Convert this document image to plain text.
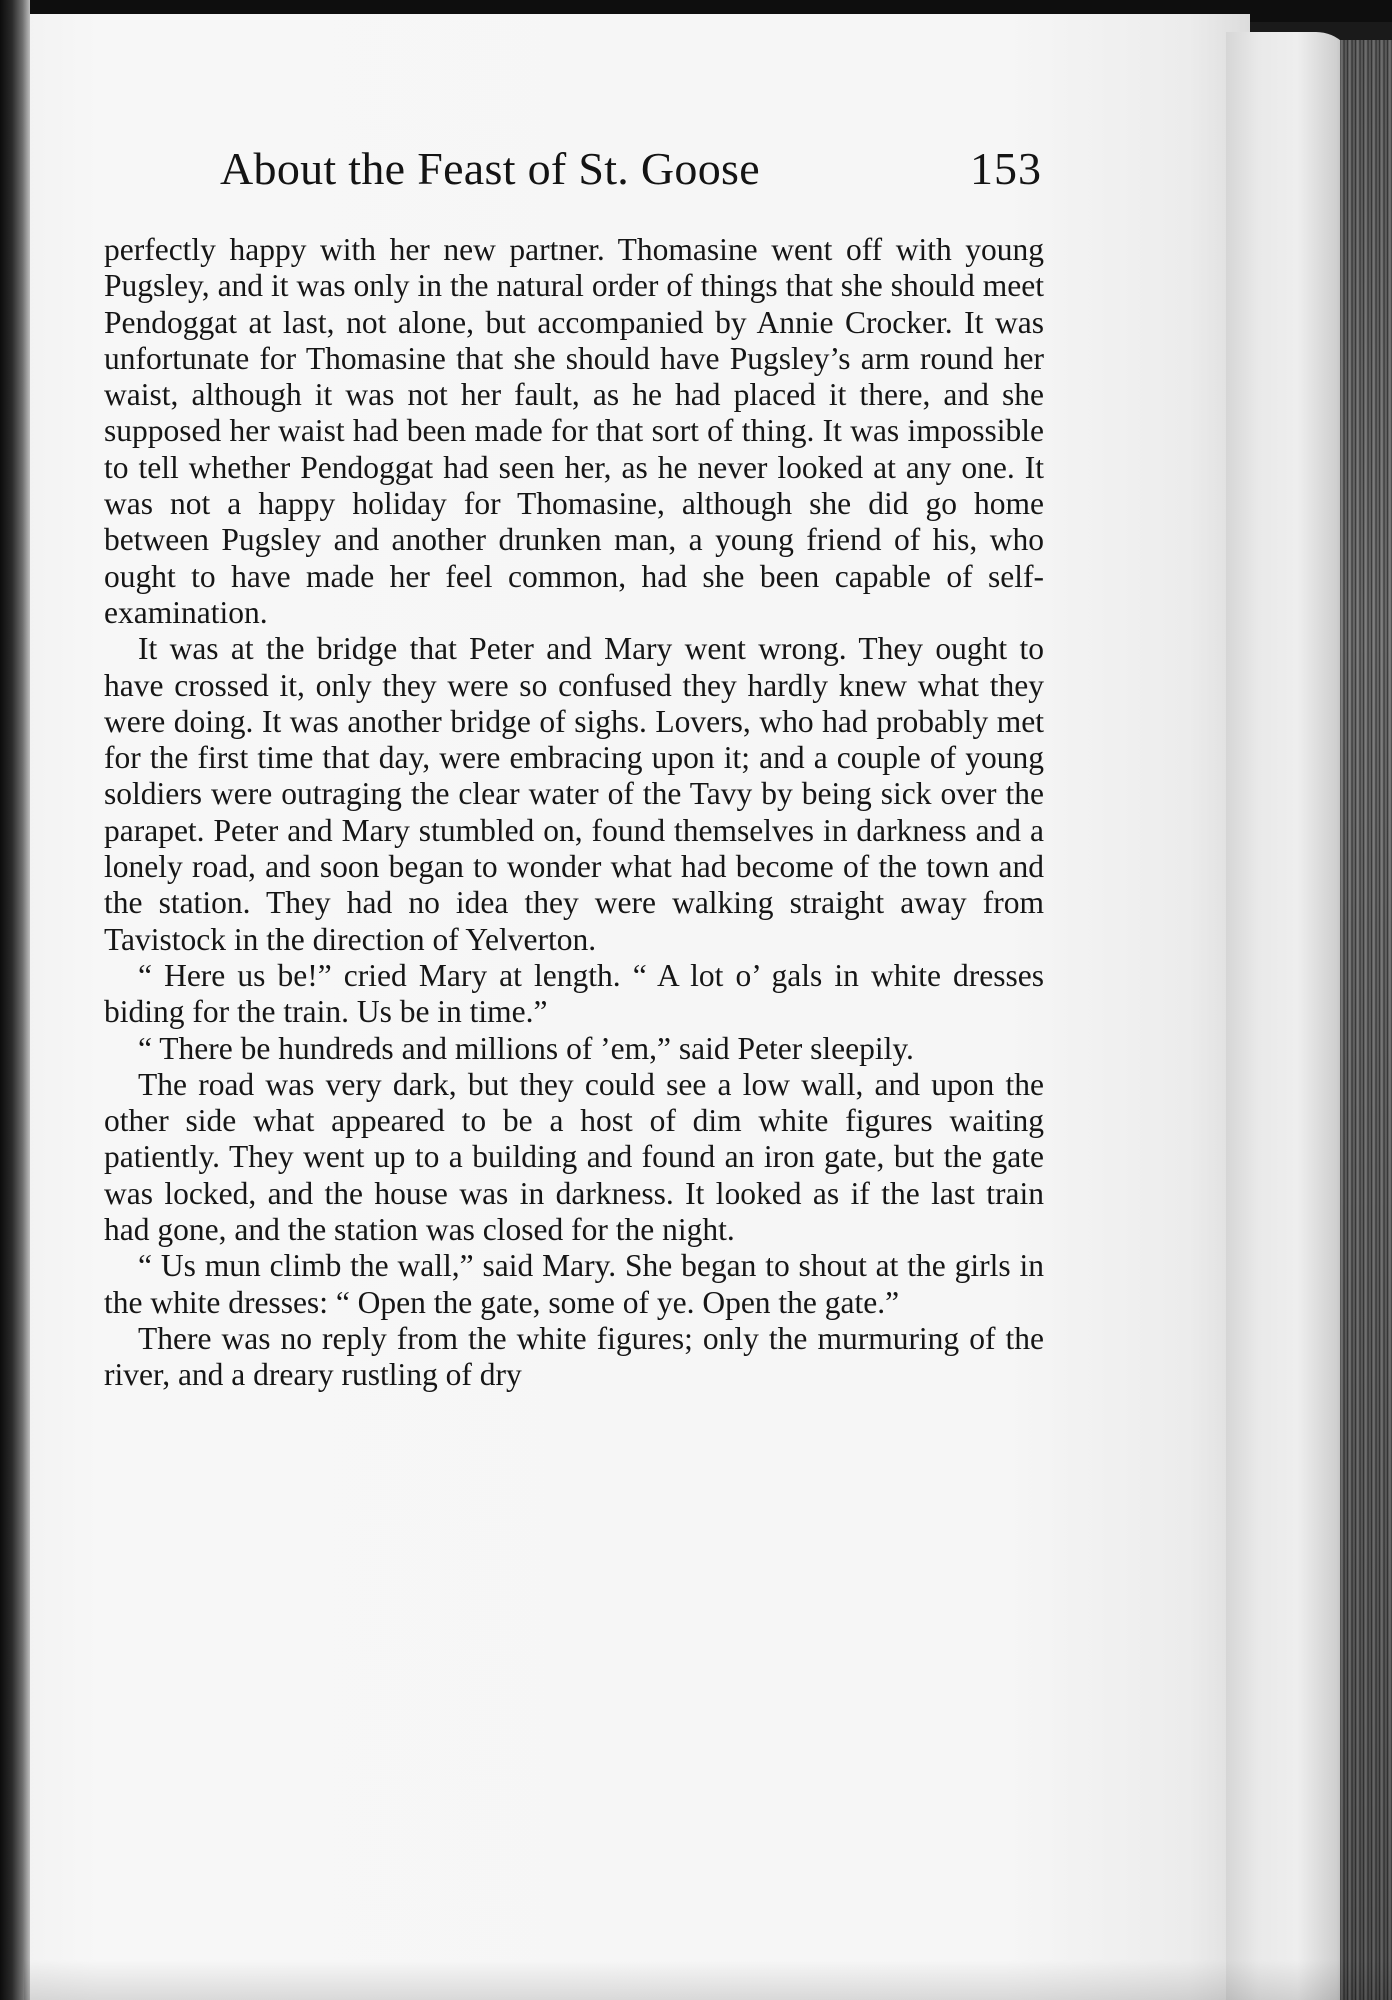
About the Feast of St. Goose	153

perfectly happy with her new partner. Thomasine went off with young Pugsley, and it was only in the natural order of things that she should meet Pendoggat at last, not alone, but accompanied by Annie Crocker. It was unfortunate for Thomasine that she should have Pugsley’s arm round her waist, although it was not her fault, as he had placed it there, and she supposed her waist had been made for that sort of thing. It was impossible to tell whether Pendoggat had seen her, as he never looked at any one. It was not a happy holiday for Thomasine, although she did go home between Pugsley and another drunken man, a young friend of his, who ought to have made her feel common, had she been capable of self-examination.

It was at the bridge that Peter and Mary went wrong. They ought to have crossed it, only they were so confused they hardly knew what they were doing. It was another bridge of sighs. Lovers, who had probably met for the first time that day, were embracing upon it; and a couple of young soldiers were outraging the clear water of the Tavy by being sick over the parapet. Peter and Mary stumbled on, found themselves in darkness and a lonely road, and soon began to wonder what had become of the town and the station. They had no idea they were walking straight away from Tavistock in the direction of Yelverton.

“ Here us be!” cried Mary at length. “ A lot o’ gals in white dresses biding for the train. Us be in time.”

“ There be hundreds and millions of ’em,” said Peter sleepily.

The road was very dark, but they could see a low wall, and upon the other side what appeared to be a host of dim white figures waiting patiently. They went up to a building and found an iron gate, but the gate was locked, and the house was in darkness. It looked as if the last train had gone, and the station was closed for the night.

“ Us mun climb the wall,” said Mary. She began to shout at the girls in the white dresses: “ Open the gate, some of ye. Open the gate.”

There was no reply from the white figures; only the murmuring of the river, and a dreary rustling of dry
